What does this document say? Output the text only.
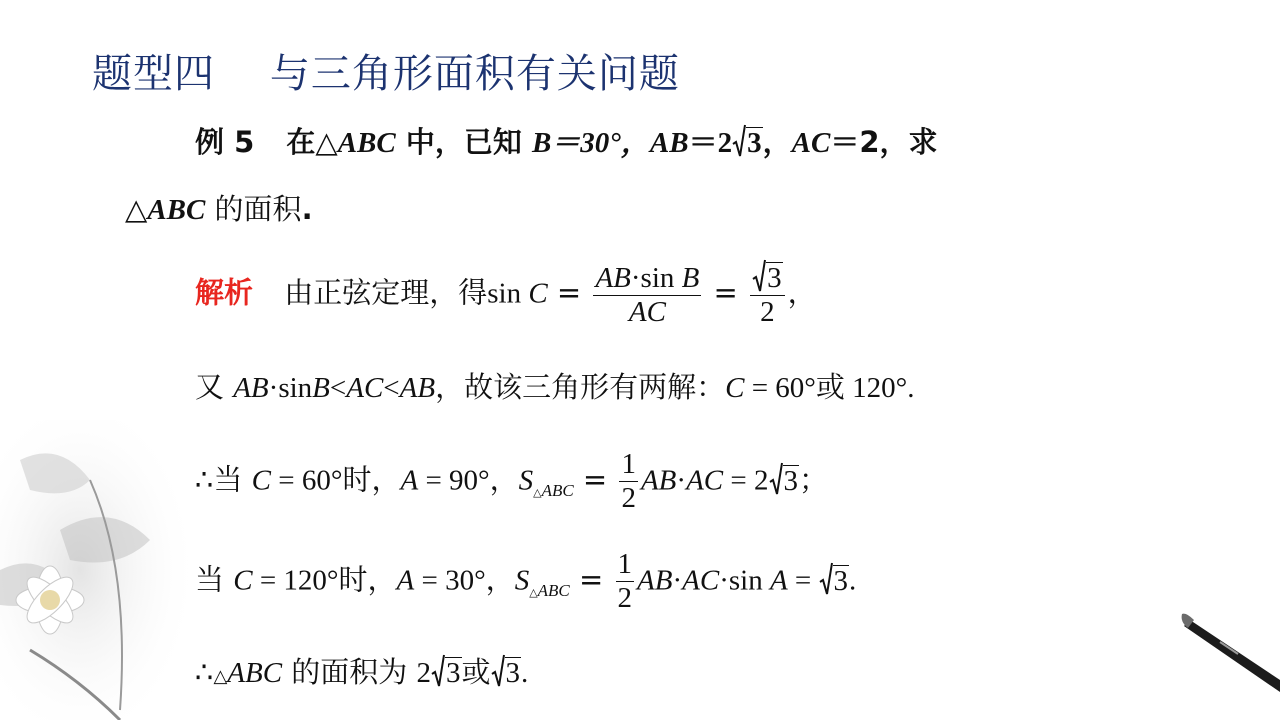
题型四    与三角形面积有关问题
例 5 在△ABC 中，已知 B＝30°，AB＝2 3，AC＝2，求
△ABC 的面积.
解析 由正弦定理，得$\sin C = \frac{\text{AB·sin B}}{AC} = \frac{3}{2}$ ，
又 AB·sinB<AC<AB，故该三角形有两解：C = 60°或 120°.
∴当 C = 60°时，A = 90°，$S_{\triangle ABC} = \frac{1}{2} AB\cdot AC = 2$ 3；
当 C = 120°时，A = 30°，$S_{\triangle ABC} = \frac{1}{2} AB\cdot AC\cdot\sin$ A =
3.
∴△ABC 的面积为 2 3或 3.
